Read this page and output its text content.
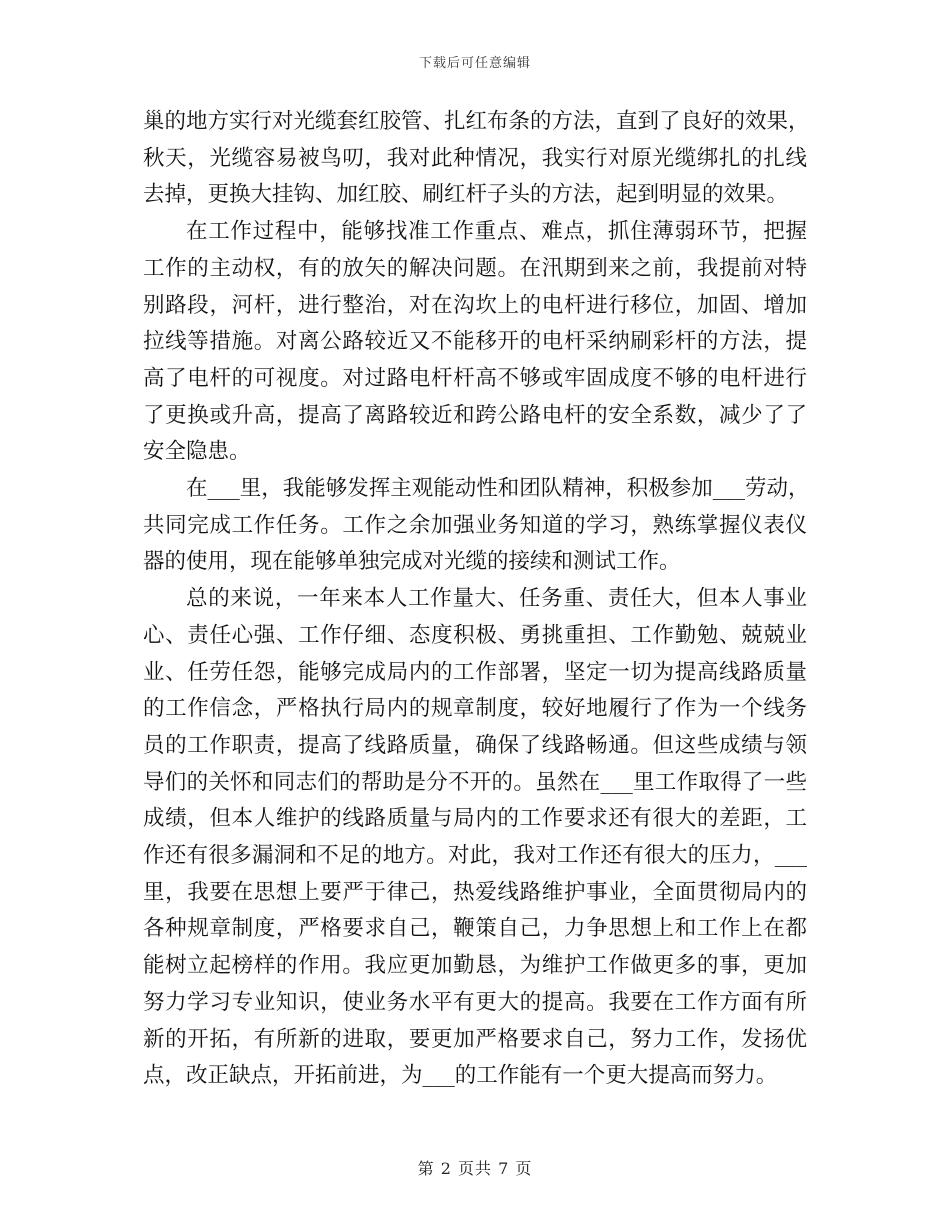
下载后可任意编辑

巢的地方实行对光缆套红胶管、扎红布条的方法，直到了良好的效果，
秋天，光缆容易被鸟叨，我对此种情况，我实行对原光缆绑扎的扎线
去掉，更换大挂钩、加红胶、刷红杆子头的方法，起到明显的效果。

在工作过程中，能够找准工作重点、难点，抓住薄弱环节，把握
工作的主动权，有的放矢的解决问题。在汛期到来之前，我提前对特
别路段，河杆，进行整治，对在沟坎上的电杆进行移位，加固、增加
拉线等措施。对离公路较近又不能移开的电杆采纳刷彩杆的方法，提
高了电杆的可视度。对过路电杆杆高不够或牢固成度不够的电杆进行
了更换或升高，提高了离路较近和跨公路电杆的安全系数，减少了了
安全隐患。

在___里，我能够发挥主观能动性和团队精神，积极参加___劳动，
共同完成工作任务。工作之余加强业务知道的学习，熟练掌握仪表仪
器的使用，现在能够单独完成对光缆的接续和测试工作。

总的来说，一年来本人工作量大、任务重、责任大，但本人事业
心、责任心强、工作仔细、态度积极、勇挑重担、工作勤勉、兢兢业
业、任劳任怨，能够完成局内的工作部署，坚定一切为提高线路质量
的工作信念，严格执行局内的规章制度，较好地履行了作为一个线务
员的工作职责，提高了线路质量，确保了线路畅通。但这些成绩与领
导们的关怀和同志们的帮助是分不开的。虽然在___里工作取得了一些
成绩，但本人维护的线路质量与局内的工作要求还有很大的差距，工
作还有很多漏洞和不足的地方。对此，我对工作还有很大的压力，___
里，我要在思想上要严于律己，热爱线路维护事业，全面贯彻局内的
各种规章制度，严格要求自己，鞭策自己，力争思想上和工作上在都
能树立起榜样的作用。我应更加勤恳，为维护工作做更多的事，更加
努力学习专业知识，使业务水平有更大的提高。我要在工作方面有所
新的开拓，有所新的进取，要更加严格要求自己，努力工作，发扬优
点，改正缺点，开拓前进，为___的工作能有一个更大提高而努力。

第 2 页共 7 页
